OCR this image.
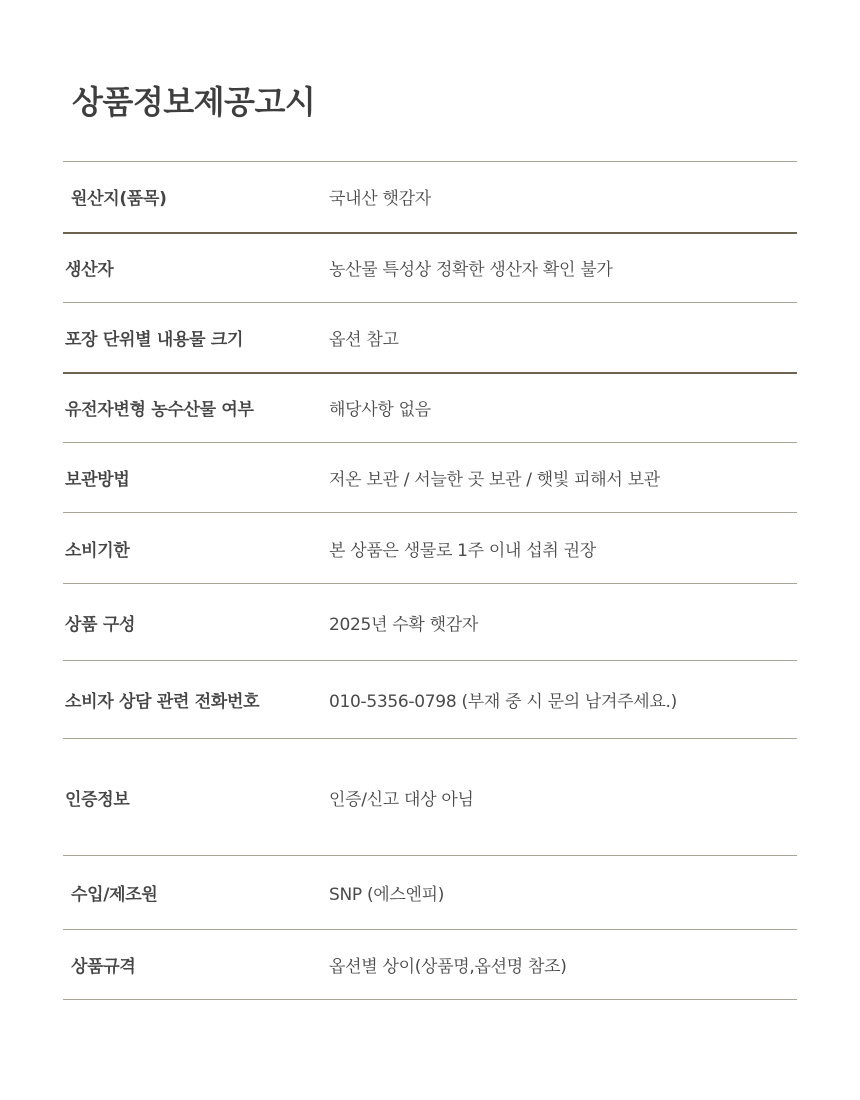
상품정보제공고시
원산지(품목)	국내산 햇감자
생산자	농산물 특성상 정확한 생산자 확인 불가
포장 단위별 내용물 크기	옵션 참고
유전자변형 농수산물 여부	해당사항 없음
보관방법	저온 보관 / 서늘한 곳 보관 / 햇빛 피해서 보관
소비기한	본 상품은 생물로 1주 이내 섭취 권장
상품 구성	2025년 수확 햇감자
소비자 상담 관련 전화번호	010-5356-0798 (부재 중 시 문의 남겨주세요.)
인증정보	인증/신고 대상 아님
수입/제조원	SNP (에스엔피)
상품규격	옵션별 상이(상품명,옵션명 참조)
